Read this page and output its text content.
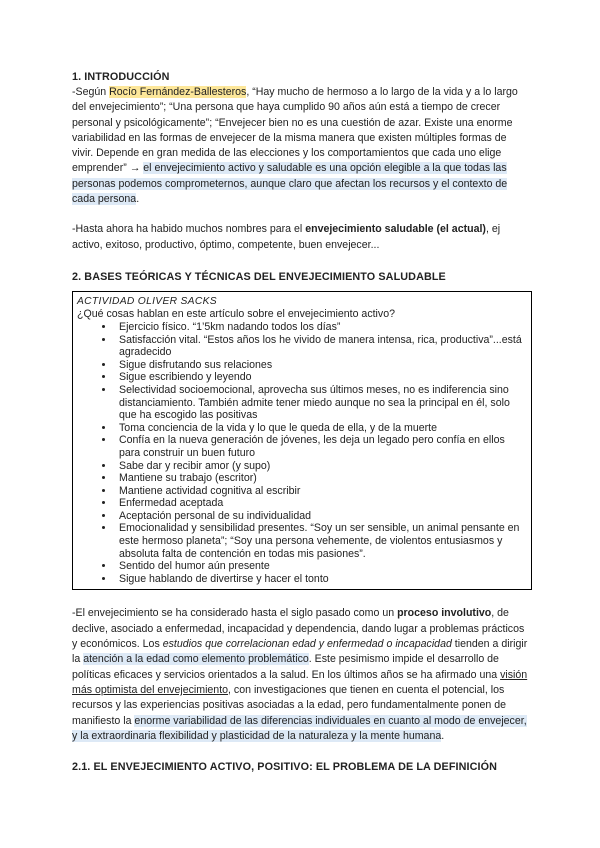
1. INTRODUCCIÓN

-Según Rocío Fernández-Ballesteros, “Hay mucho de hermoso a lo largo de la vida y a lo largo del envejecimiento”; “Una persona que haya cumplido 90 años aún está a tiempo de crecer personal y psicológicamente”; “Envejecer bien no es una cuestión de azar. Existe una enorme variabilidad en las formas de envejecer de la misma manera que existen múltiples formas de vivir. Depende en gran medida de las elecciones y los comportamientos que cada uno elige emprender” → el envejecimiento activo y saludable es una opción elegible a la que todas las personas podemos comprometernos, aunque claro que afectan los recursos y el contexto de cada persona.

-Hasta ahora ha habido muchos nombres para el envejecimiento saludable (el actual), ej activo, exitoso, productivo, óptimo, competente, buen envejecer...

2. BASES TEÓRICAS Y TÉCNICAS DEL ENVEJECIMIENTO SALUDABLE
ACTIVIDAD OLIVER SACKS
¿Qué cosas hablan en este artículo sobre el envejecimiento activo?
• Ejercicio físico. “1’5km nadando todos los días”
• Satisfacción vital. “Estos años los he vivido de manera intensa, rica, productiva”...está agradecido
• Sigue disfrutando sus relaciones
• Sigue escribiendo y leyendo
• Selectividad socioemocional, aprovecha sus últimos meses, no es indiferencia sino distanciamiento. También admite tener miedo aunque no sea la principal en él, solo que ha escogido las positivas
• Toma conciencia de la vida y lo que le queda de ella, y de la muerte
• Confía en la nueva generación de jóvenes, les deja un legado pero confía en ellos para construir un buen futuro
• Sabe dar y recibir amor (y supo)
• Mantiene su trabajo (escritor)
• Mantiene actividad cognitiva al escribir
• Enfermedad aceptada
• Aceptación personal de su individualidad
• Emocionalidad y sensibilidad presentes. “Soy un ser sensible, un animal pensante en este hermoso planeta”; “Soy una persona vehemente, de violentos entusiasmos y absoluta falta de contención en todas mis pasiones”.
• Sentido del humor aún presente
• Sigue hablando de divertirse y hacer el tonto

-El envejecimiento se ha considerado hasta el siglo pasado como un proceso involutivo, de declive, asociado a enfermedad, incapacidad y dependencia, dando lugar a problemas prácticos y económicos. Los estudios que correlacionan edad y enfermedad o incapacidad tienden a dirigir la atención a la edad como elemento problemático. Este pesimismo impide el desarrollo de políticas eficaces y servicios orientados a la salud. En los últimos años se ha afirmado una visión más optimista del envejecimiento, con investigaciones que tienen en cuenta el potencial, los recursos y las experiencias positivas asociadas a la edad, pero fundamentalmente ponen de manifiesto la enorme variabilidad de las diferencias individuales en cuanto al modo de envejecer, y la extraordinaria flexibilidad y plasticidad de la naturaleza y la mente humana.

2.1. EL ENVEJECIMIENTO ACTIVO, POSITIVO: EL PROBLEMA DE LA DEFINICIÓN
